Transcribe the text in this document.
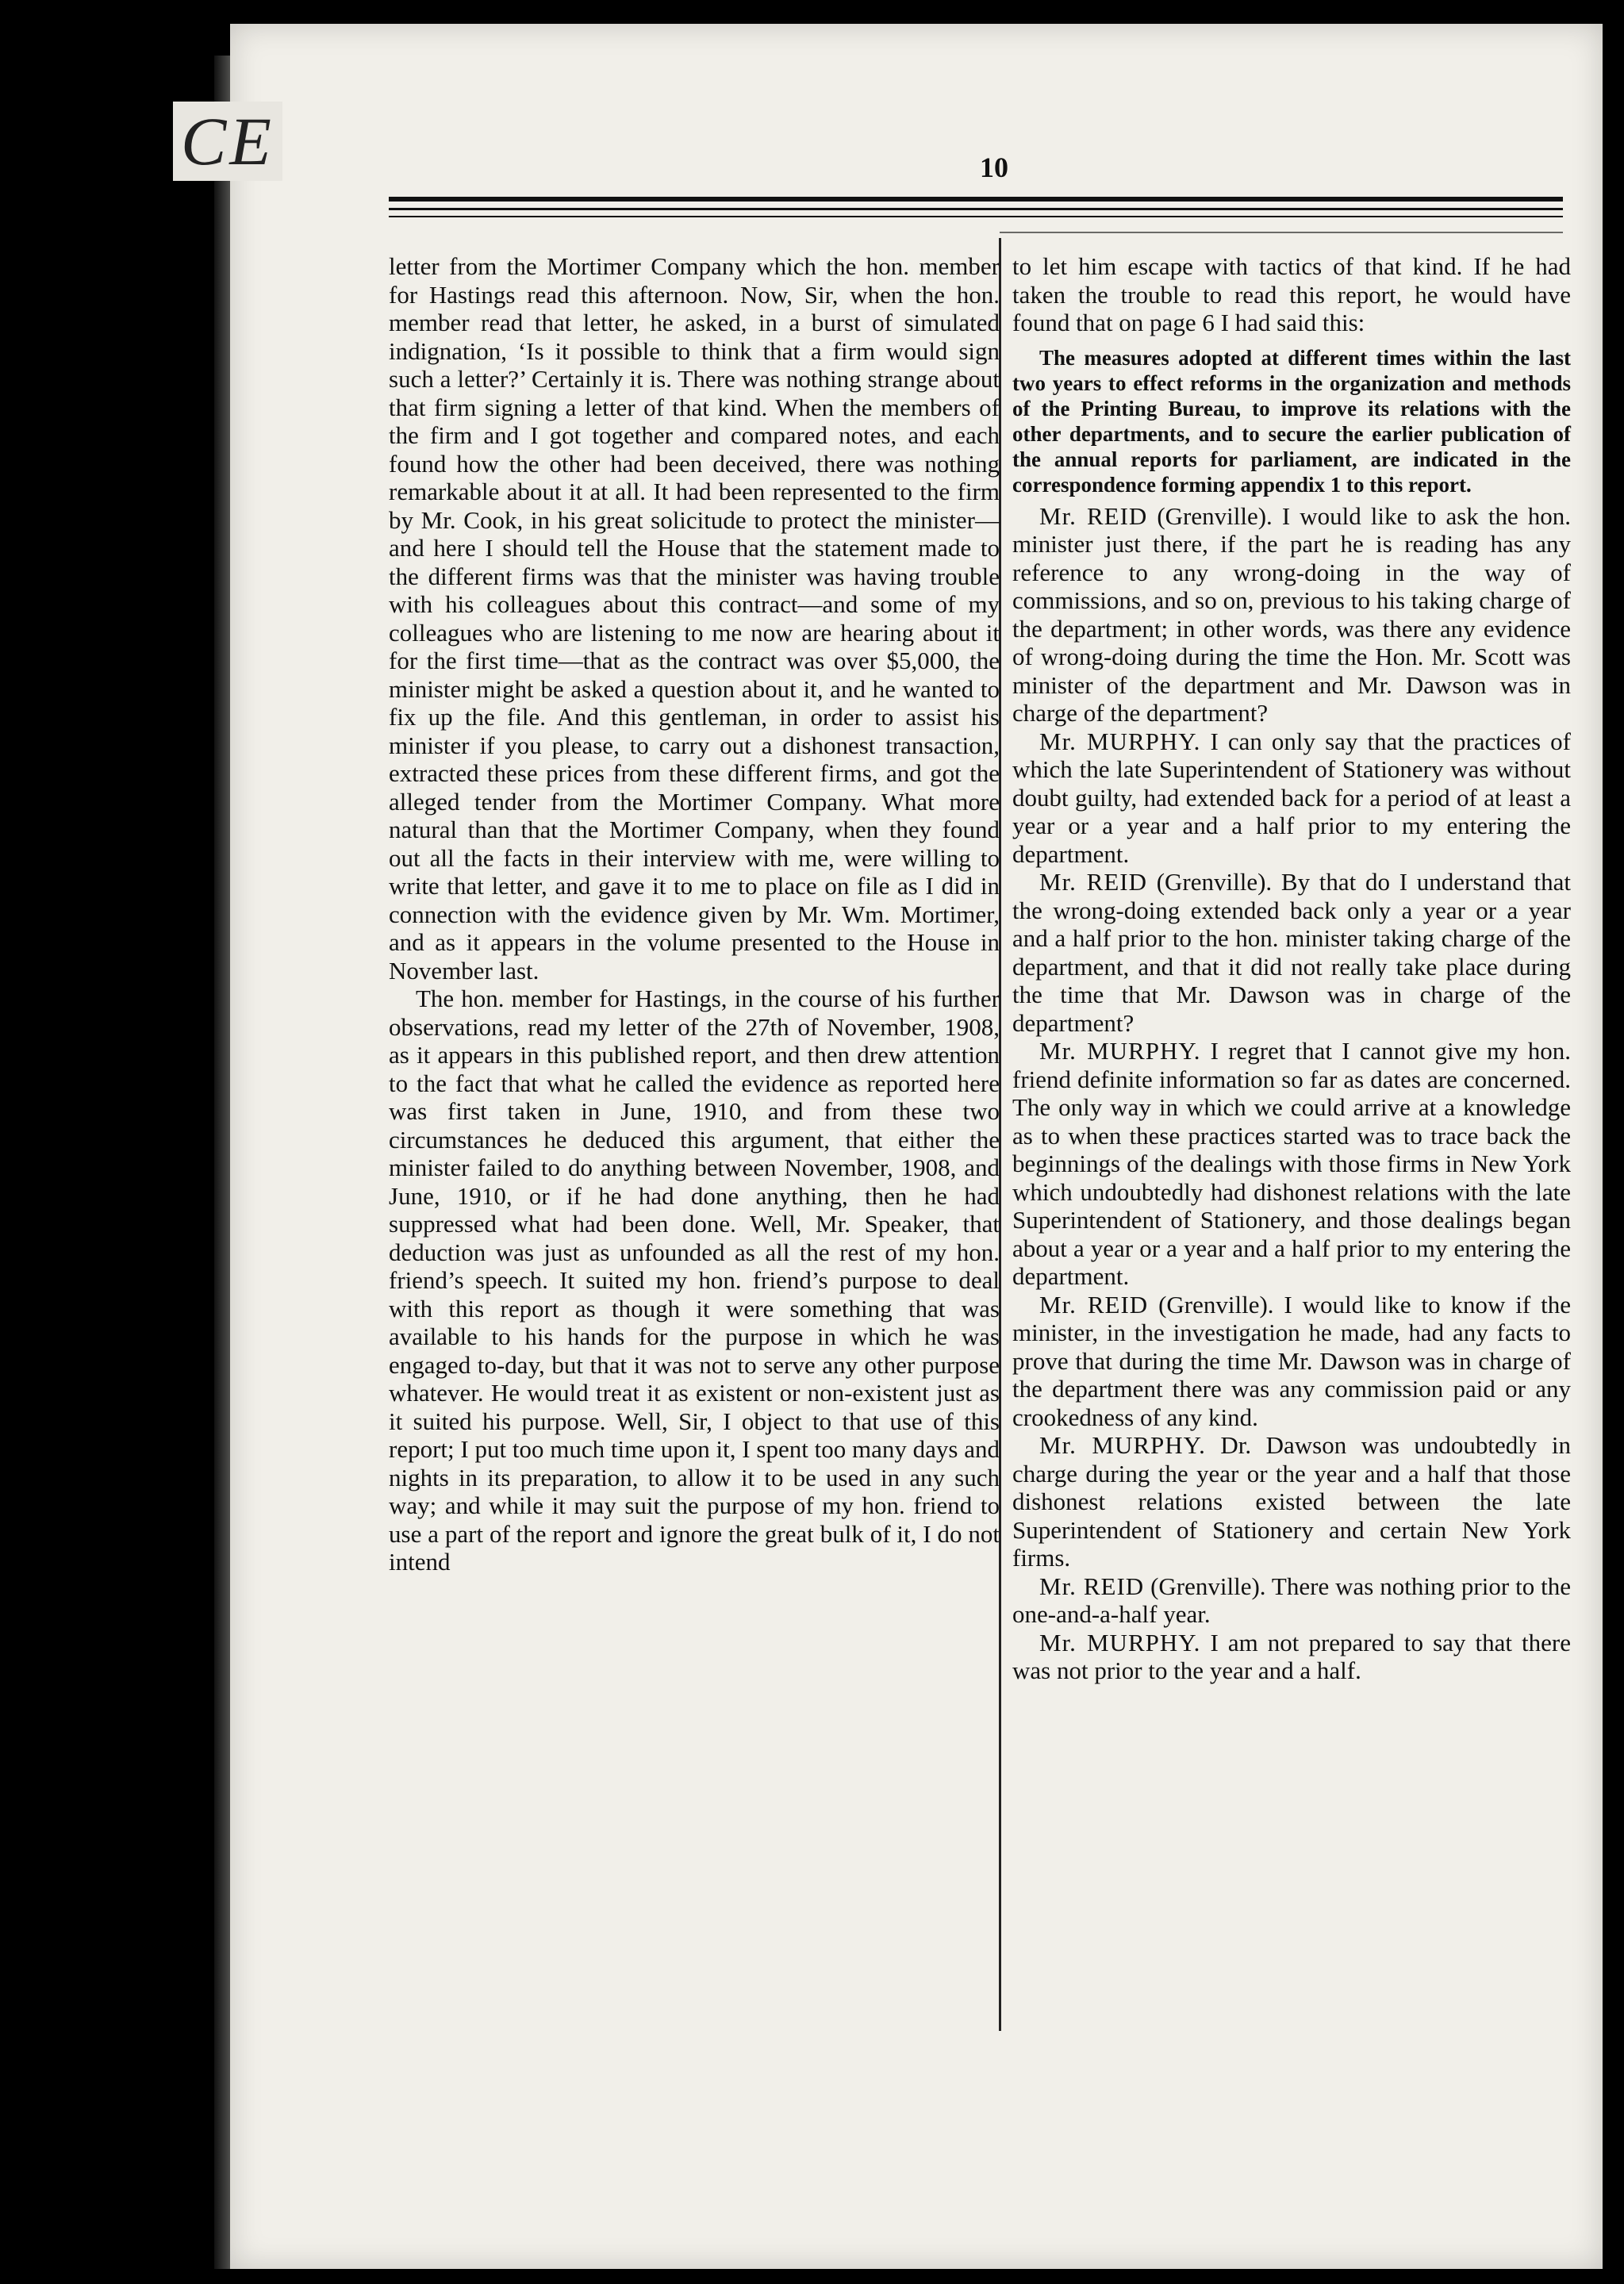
CE	10

letter from the Mortimer Company which the hon. member for Hastings read this afternoon. Now, Sir, when the hon. member read that letter, he asked, in a burst of simulated indignation, ‘Is it possible to think that a firm would sign such a letter?’ Certainly it is. There was nothing strange about that firm signing a letter of that kind. When the members of the firm and I got together and compared notes, and each found how the other had been deceived, there was nothing remarkable about it at all. It had been represented to the firm by Mr. Cook, in his great solicitude to protect the minister—and here I should tell the House that the statement made to the different firms was that the minister was having trouble with his colleagues about this contract—and some of my colleagues who are listening to me now are hearing about it for the first time—that as the contract was over $5,000, the minister might be asked a question about it, and he wanted to fix up the file. And this gentleman, in order to assist his minister if you please, to carry out a dishonest transaction, extracted these prices from these different firms, and got the alleged tender from the Mortimer Company. What more natural than that the Mortimer Company, when they found out all the facts in their interview with me, were willing to write that letter, and gave it to me to place on file as I did in connection with the evidence given by Mr. Wm. Mortimer, and as it appears in the volume presented to the House in November last.

The hon. member for Hastings, in the course of his further observations, read my letter of the 27th of November, 1908, as it appears in this published report, and then drew attention to the fact that what he called the evidence as reported here was first taken in June, 1910, and from these two circumstances he deduced this argument, that either the minister failed to do anything between November, 1908, and June, 1910, or if he had done anything, then he had suppressed what had been done. Well, Mr. Speaker, that deduction was just as unfounded as all the rest of my hon. friend’s speech. It suited my hon. friend’s purpose to deal with this report as though it were something that was available to his hands for the purpose in which he was engaged to-day, but that it was not to serve any other purpose whatever. He would treat it as existent or non-existent just as it suited his purpose. Well, Sir, I object to that use of this report; I put too much time upon it, I spent too many days and nights in its preparation, to allow it to be used in any such way; and while it may suit the purpose of my hon. friend to use a part of the report and ignore the great bulk of it, I do not intend

to let him escape with tactics of that kind. If he had taken the trouble to read this report, he would have found that on page 6 I had said this:

The measures adopted at different times within the last two years to effect reforms in the organization and methods of the Printing Bureau, to improve its relations with the other departments, and to secure the earlier publication of the annual reports for parliament, are indicated in the correspondence forming appendix 1 to this report.

Mr. REID (Grenville). I would like to ask the hon. minister just there, if the part he is reading has any reference to any wrong-doing in the way of commissions, and so on, previous to his taking charge of the department; in other words, was there any evidence of wrong-doing during the time the Hon. Mr. Scott was minister of the department and Mr. Dawson was in charge of the department?

Mr. MURPHY. I can only say that the practices of which the late Superintendent of Stationery was without doubt guilty, had extended back for a period of at least a year or a year and a half prior to my entering the department.

Mr. REID (Grenville). By that do I understand that the wrong-doing extended back only a year or a year and a half prior to the hon. minister taking charge of the department, and that it did not really take place during the time that Mr. Dawson was in charge of the department?

Mr. MURPHY. I regret that I cannot give my hon. friend definite information so far as dates are concerned. The only way in which we could arrive at a knowledge as to when these practices started was to trace back the beginnings of the dealings with those firms in New York which undoubtedly had dishonest relations with the late Superintendent of Stationery, and those dealings began about a year or a year and a half prior to my entering the department.

Mr. REID (Grenville). I would like to know if the minister, in the investigation he made, had any facts to prove that during the time Mr. Dawson was in charge of the department there was any commission paid or any crookedness of any kind.

Mr. MURPHY. Dr. Dawson was undoubtedly in charge during the year or the year and a half that those dishonest relations existed between the late Superintendent of Stationery and certain New York firms.

Mr. REID (Grenville). There was nothing prior to the one-and-a-half year.

Mr. MURPHY. I am not prepared to say that there was not prior to the year and a half.
